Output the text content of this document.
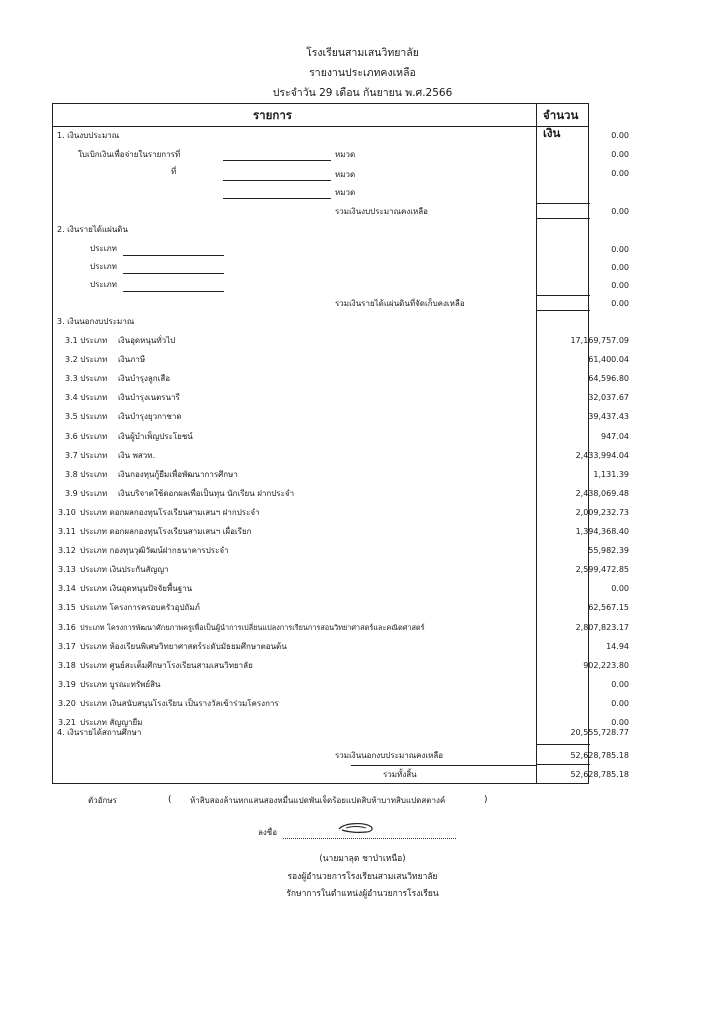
โรงเรียนสามเสนวิทยาลัย
รายงานประเภทคงเหลือ
ประจำวัน 29 เดือน กันยายน พ.ศ.2566
รายการ	จำนวนเงิน
1. เงินงบประมาณ	0.00
ใบเบิกเงินเพื่อจ่ายในรายการที่	หมวด	0.00
ที่	หมวด	0.00
หมวด
รวมเงินงบประมาณคงเหลือ	0.00
2. เงินรายได้แผ่นดิน
ประเภท	0.00
ประเภท	0.00
ประเภท	0.00
รวมเงินรายได้แผ่นดินที่จัดเก็บคงเหลือ	0.00
3. เงินนอกงบประมาณ
3.1 ประเภท เงินอุดหนุนทั่วไป	17,169,757.09
3.2 ประเภท เงินภาษี	61,400.04
3.3 ประเภท เงินบำรุงลูกเสือ	64,596.80
3.4 ประเภท เงินบำรุงเนตรนารี	32,037.67
3.5 ประเภท เงินบำรุงยุวกาชาด	39,437.43
3.6 ประเภท เงินผู้บำเพ็ญประโยชน์	947.04
3.7 ประเภท เงิน พสวท.	2,433,994.04
3.8 ประเภท เงินกองทุนกู้ยืมเพื่อพัฒนาการศึกษา	1,131.39
3.9 ประเภท เงินบริจาคใช้ดอกผลเพื่อเป็นทุน นักเรียน ฝากประจำ	2,438,069.48
3.10 ประเภท ดอกผลกองทุนโรงเรียนสามเสนฯ ฝากประจำ	2,009,232.73
3.11 ประเภท ดอกผลกองทุนโรงเรียนสามเสนฯ เผื่อเรียก	1,394,368.40
3.12 ประเภท กองทุนวุฒิวัฒน์ฝากธนาคารประจำ	55,982.39
3.13 ประเภท เงินประกันสัญญา	2,599,472.85
3.14 ประเภท เงินอุดหนุนปัจจัยพื้นฐาน	0.00
3.15 ประเภท โครงการครอบครัวอุปถัมภ์	62,567.15
3.16 ประเภท โครงการพัฒนาศักยภาพครูเพื่อเป็นผู้นำการเปลี่ยนแปลงการเรียนการสอนวิทยาศาสตร์และคณิตศาสตร์	2,807,823.17
3.17 ประเภท ห้องเรียนพิเศษวิทยาศาสตร์ระดับมัธยมศึกษาตอนต้น	14.94
3.18 ประเภท ศูนย์สะเต็มศึกษาโรงเรียนสามเสนวิทยาลัย	902,223.80
3.19 ประเภท บูรณะทรัพย์สิน	0.00
3.20 ประเภท เงินสนับสนุนโรงเรียน เป็นรางวัลเข้าร่วมโครงการ	0.00
3.21 ประเภท สัญญายืม	0.00
4. เงินรายได้สถานศึกษา	20,555,728.77
รวมเงินนอกงบประมาณคงเหลือ	52,628,785.18
รวมทั้งสิ้น	52,628,785.18
ตัวอักษร	( ห้าสิบสองล้านหกแสนสองหมื่นแปดพันเจ็ดร้อยแปดสิบห้าบาทสิบแปดสตางค์	)
ลงชื่อ
(นายมาลุต ชาป่าเหนือ)
รองผู้อำนวยการโรงเรียนสามเสนวิทยาลัย
รักษาการในตำแหน่งผู้อำนวยการโรงเรียน
